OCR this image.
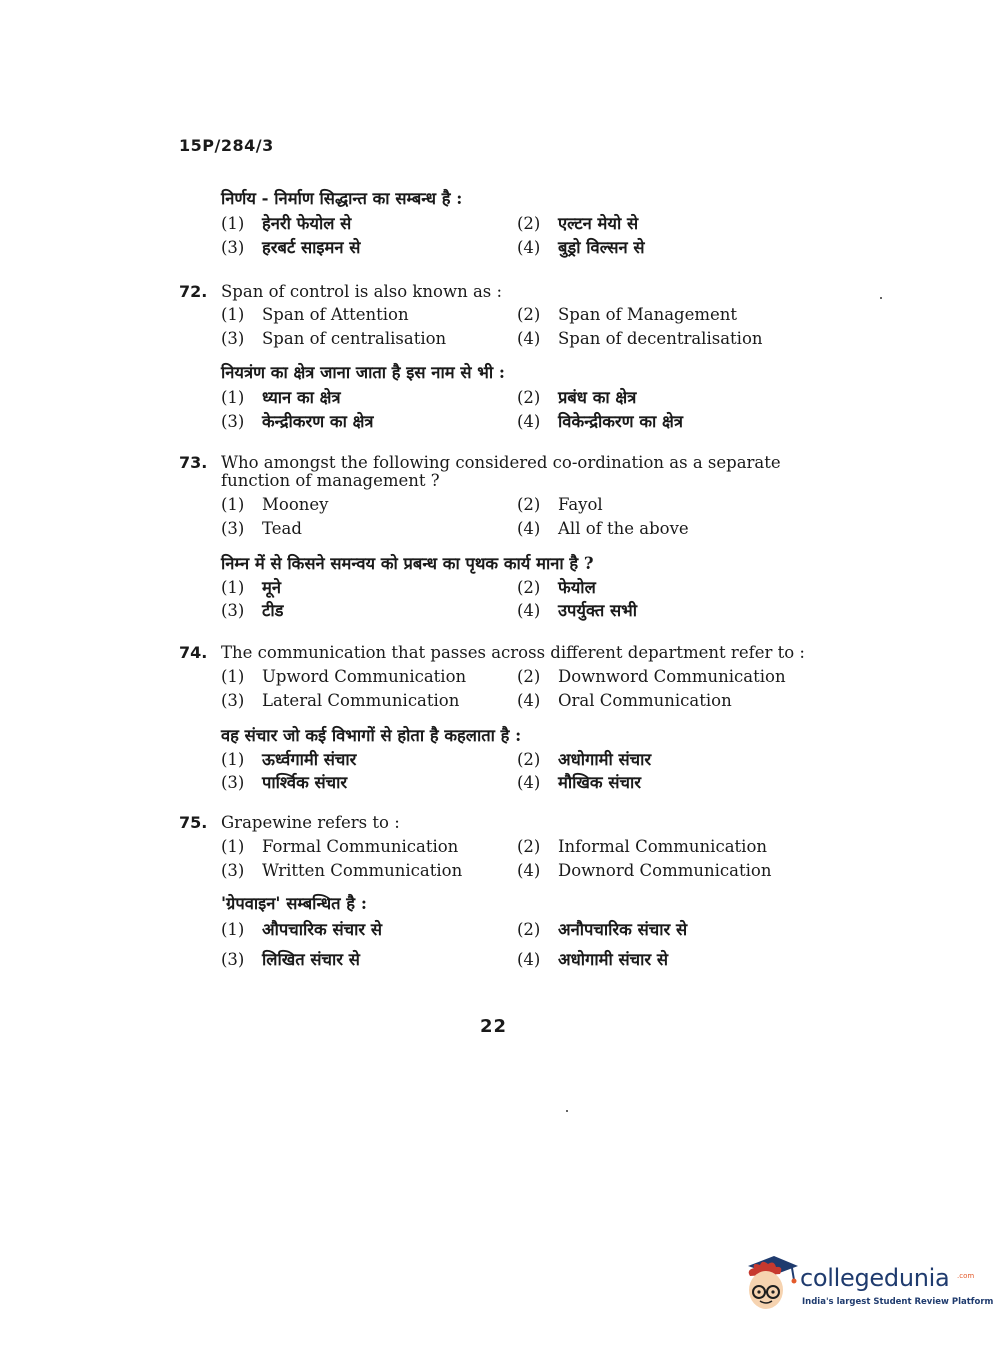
15P/284/3
निर्णय - निर्माण सिद्धान्त का सम्बन्ध है :
(1) हेनरी फेयोल से	(2) एल्टन मेयो से
(3) हरबर्ट साइमन से	(4) बुड्रो विल्सन से
72. Span of control is also known as :
(1) Span of Attention	(2) Span of Management
(3) Span of centralisation	(4) Span of decentralisation
नियत्रंण का क्षेत्र जाना जाता है इस नाम से भी :
(1) ध्यान का क्षेत्र	(2) प्रबंध का क्षेत्र
(3) केन्द्रीकरण का क्षेत्र	(4) विकेन्द्रीकरण का क्षेत्र
73. Who amongst the following considered co-ordination as a separate
function of management ?
(1) Mooney	(2) Fayol
(3) Tead	(4) All of the above
निम्न में से किसने समन्वय को प्रबन्ध का पृथक कार्य माना है ?
(1) मूने	(2) फेयोल
(3) टीड	(4) उपर्युक्त सभी
74. The communication that passes across different department refer to :
(1) Upword Communication	(2) Downword Communication
(3) Lateral Communication	(4) Oral Communication
वह संचार जो कई विभागों से होता है कहलाता है :
(1) ऊर्ध्वगामी संचार	(2) अधोगामी संचार
(3) पार्श्विक संचार	(4) मौखिक संचार
75. Grapewine refers to :
(1) Formal Communication	(2) Informal Communication
(3) Written Communication	(4) Downord Communication
'ग्रेपवाइन' सम्बन्धित है :
(1) औपचारिक संचार से	(2) अनौपचारिक संचार से
(3) लिखित संचार से	(4) अधोगामी संचार से
22
collegedunia .com
India's largest Student Review Platform
